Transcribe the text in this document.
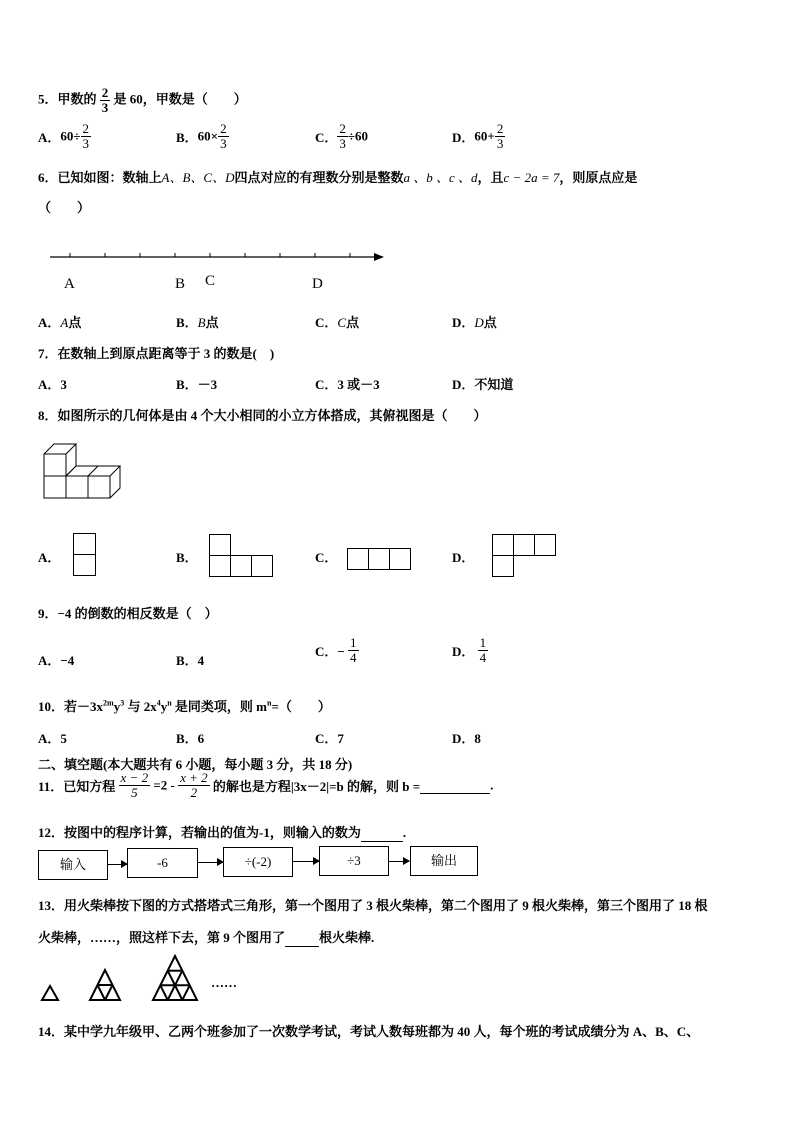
5．甲数的 $\frac{2}{3}$ 是 60，甲数是（　　）
A．$60\div \frac{2}{3}$	B．$60\times \frac{2}{3}$	C． $\frac{2}{3} \div 60$	D．$60+ \frac{2}{3}$
6．已知如图：数轴上A、B、C、D四点对应的有理数分别是整数a 、b 、c 、d，且c − 2a = 7，则原点应是
（　　）
A	B C	D
A．A点	B．B点	C．C点	D．D点
7．在数轴上到原点距离等于 3 的数是(　)
A．3	B．－3	C．3 或－3	D．不知道
8．如图所示的几何体是由 4 个大小相同的小立方体搭成，其俯视图是（　　）
A．	B．	C．	D．
9．−4 的倒数的相反数是（　）
A．−4	B．4
C．− $\frac{1}{4}$	D． $\frac{1}{4}$
10．若$-3x^{2m}y^3$ 与 $2x^4y^n$ 是同类项，则 $m^n=$（　　）
A．5	B．6	C．7	D．8
二、填空题(本大题共有 6 小题，每小题 3 分，共 18 分)
11．已知方程 $\frac{x - 2}{5} =2 - \frac{x + 2}{2}$ 的解也是方程|3x－2|=b 的解，则 b =	.
12．按图中的程序计算，若输出的值为-1，则输入的数为	.
输入	-6	÷(-2)	÷3	输出
13．用火柴棒按下图的方式搭塔式三角形，第一个图用了 3 根火柴棒，第二个图用了 9 根火柴棒，第三个图用了 18 根
火柴棒，……，照这样下去，第 9 个图用了	根火柴棒.
……
14．某中学九年级甲、乙两个班参加了一次数学考试，考试人数每班都为 40 人，每个班的考试成绩分为 A、B、C、
